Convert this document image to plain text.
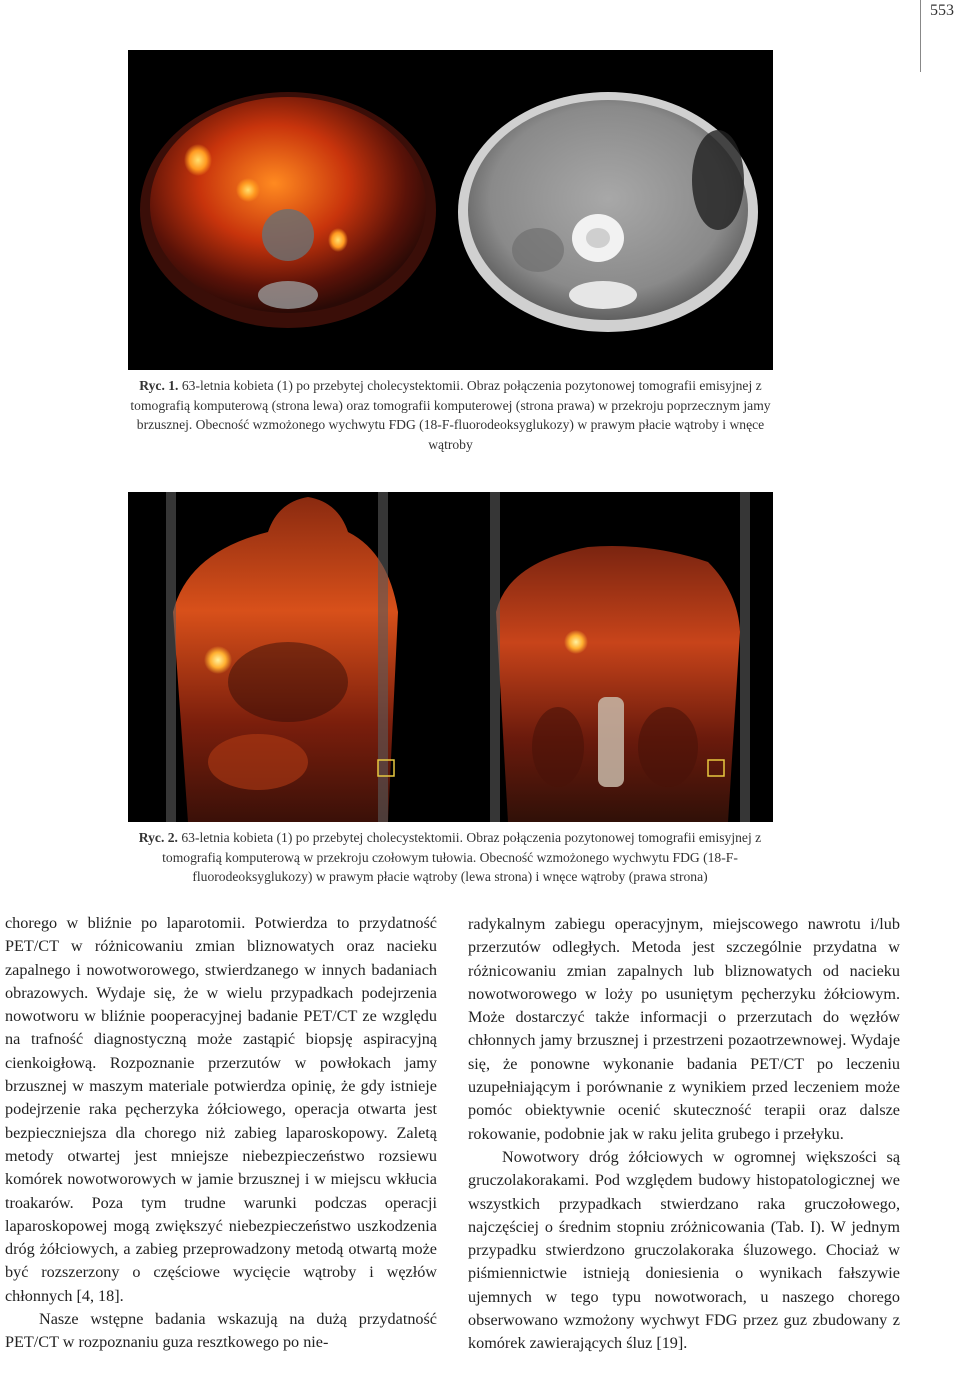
553
Ryc. 1. 63-letnia kobieta (1) po przebytej cholecystektomii. Obraz połączenia pozytonowej tomografii emisyjnej z tomografią komputerową (strona lewa) oraz tomografii komputerowej (strona prawa) w przekroju poprzecznym jamy brzusznej. Obecność wzmożonego wychwytu FDG (18-F-fluorodeoksyglukozy) w prawym płacie wątroby i wnęce wątroby
Ryc. 2. 63-letnia kobieta (1) po przebytej cholecystektomii. Obraz połączenia pozytonowej tomografii emisyjnej z tomografią komputerową w przekroju czołowym tułowia. Obecność wzmożonego wychwytu FDG (18-F-fluorodeoksyglukozy) w prawym płacie wątroby (lewa strona) i wnęce wątroby (prawa strona)

chorego w bliźnie po laparotomii. Potwierdza to przydatność PET/CT w różnicowaniu zmian bliznowatych oraz nacieku zapalnego i nowotworowego, stwierdzanego w innych badaniach obrazowych. Wydaje się, że w wielu przypadkach podejrzenia nowotworu w bliźnie pooperacyjnej badanie PET/CT ze względu na trafność diagnostyczną może zastąpić biopsję aspiracyjną cienkoigłową. Rozpoznanie przerzutów w powłokach jamy brzusznej w maszym materiale potwierdza opinię, że gdy istnieje podejrzenie raka pęcherzyka żółciowego, operacja otwarta jest bezpieczniejsza dla chorego niż zabieg laparoskopowy. Zaletą metody otwartej jest mniejsze niebezpieczeństwo rozsiewu komórek nowotworowych w jamie brzusznej i w miejscu wkłucia troakarów. Poza tym trudne warunki podczas operacji laparoskopowej mogą zwiększyć niebezpieczeństwo uszkodzenia dróg żółciowych, a zabieg przeprowadzony metodą otwartą może być rozszerzony o częściowe wycięcie wątroby i węzłów chłonnych [4, 18].

Nasze wstępne badania wskazują na dużą przydatność PET/CT w rozpoznaniu guza resztkowego po nie-

radykalnym zabiegu operacyjnym, miejscowego nawrotu i/lub przerzutów odległych. Metoda jest szczególnie przydatna w różnicowaniu zmian zapalnych lub bliznowatych od nacieku nowotworowego w loży po usuniętym pęcherzyku żółciowym. Może dostarczyć także informacji o przerzutach do węzłów chłonnych jamy brzusznej i przestrzeni pozaotrzewnowej. Wydaje się, że ponowne wykonanie badania PET/CT po leczeniu uzupełniającym i porównanie z wynikiem przed leczeniem może pomóc obiektywnie ocenić skuteczność terapii oraz dalsze rokowanie, podobnie jak w raku jelita grubego i przełyku.

Nowotwory dróg żółciowych w ogromnej większości są gruczolakorakami. Pod względem budowy histopatologicznej we wszystkich przypadkach stwierdzano raka gruczołowego, najczęściej o średnim stopniu zróżnicowania (Tab. I). W jednym przypadku stwierdzono gruczolakoraka śluzowego. Chociaż w piśmiennictwie istnieją doniesienia o wynikach fałszywie ujemnych w tego typu nowotworach, u naszego chorego obserwowano wzmożony wychwyt FDG przez guz zbudowany z komórek zawierających śluz [19].
